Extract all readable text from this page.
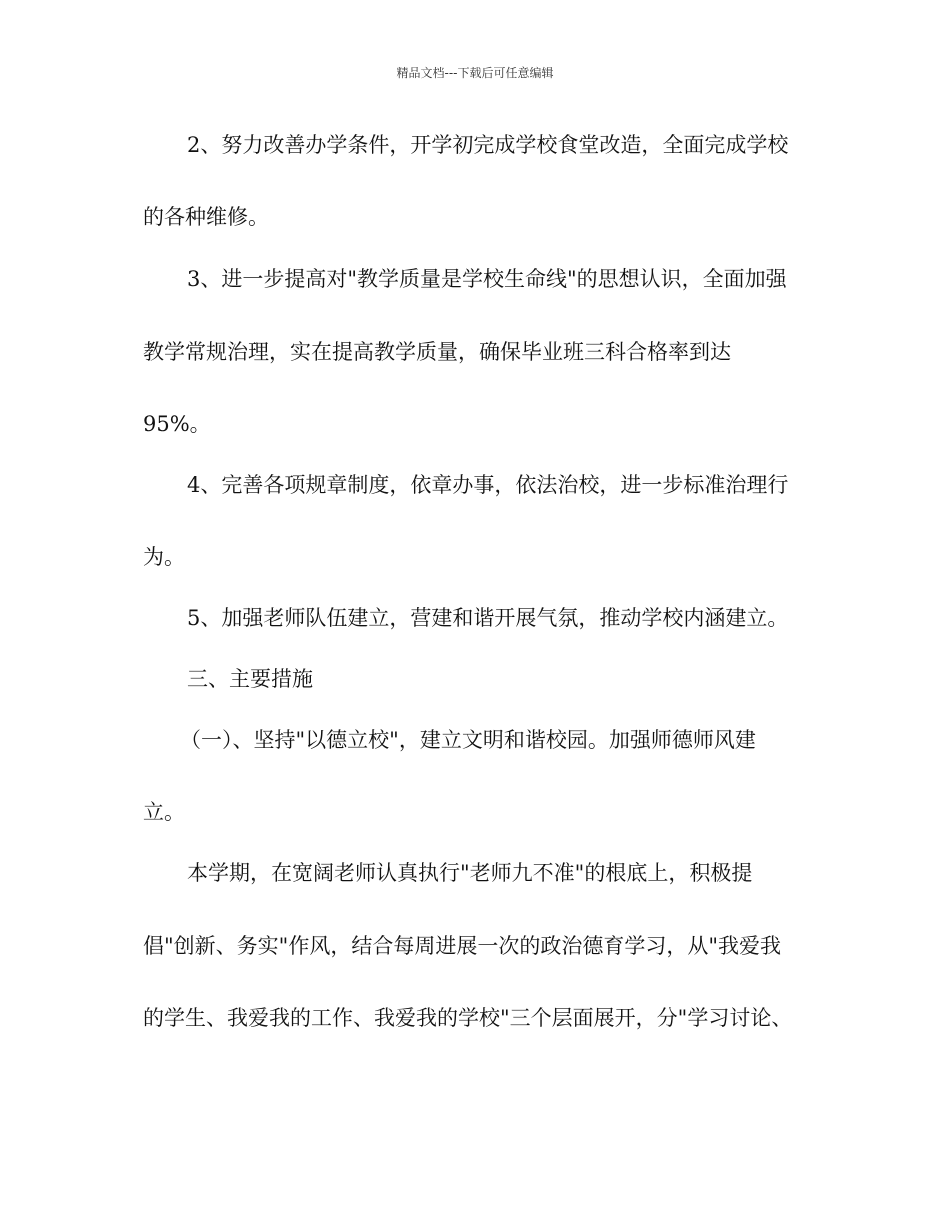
精品文档---下载后可任意编辑
2、努力改善办学条件，开学初完成学校食堂改造，全面完成学校
的各种维修。
3、进一步提高对"教学质量是学校生命线"的思想认识，全面加强
教学常规治理，实在提高教学质量，确保毕业班三科合格率到达
95%。
4、完善各项规章制度，依章办事，依法治校，进一步标准治理行
为。
5、加强老师队伍建立，营建和谐开展气氛，推动学校内涵建立。
三、主要措施
（一）、坚持"以德立校"，建立文明和谐校园。加强师德师风建
立。
本学期，在宽阔老师认真执行"老师九不准"的根底上，积极提
倡"创新、务实"作风，结合每周进展一次的政治德育学习，从"我爱我
的学生、我爱我的工作、我爱我的学校"三个层面展开，分"学习讨论、
